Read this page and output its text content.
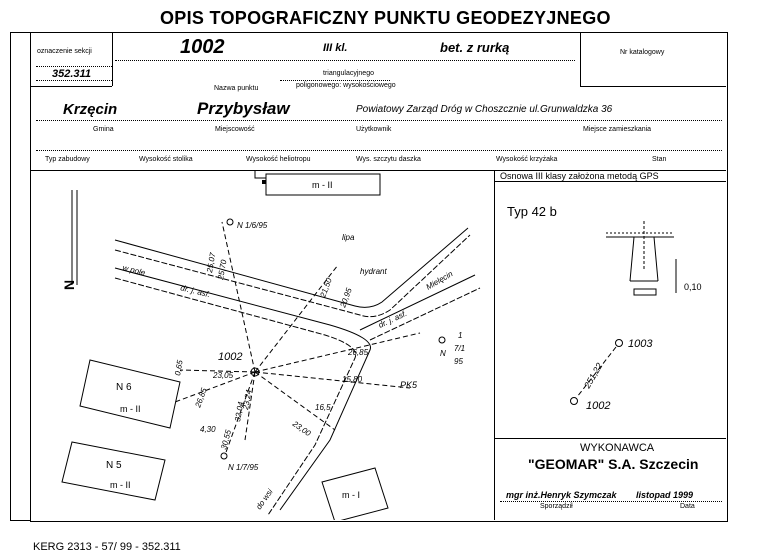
OPIS TOPOGRAFICZNY PUNKTU GEODEZYJNEGO
oznaczenie sekcji
352.311
1002	III kl.	bet. z rurką	Nr katalogowy
triangulacyjnego
Nazwa punktu	poligonowego: wysokościowego
Krzęcin	Przybysław	Powiatowy Zarząd Dróg w Choszcznie ul.Grunwaldzka 36
Gmina	Miejscowość	Użytkownik	Miejsce zamieszkania
Typ zabudowy	Wysokość stolika	Wysokość heliotropu	Wys. szczytu daszka	Wysokość krzyżaka	Stan
Osnowa III klasy założona metodą GPS
Typ 42 b
0,10
1003
1002
251,22
WYKONAWCA
"GEOMAR" S.A. Szczecin
mgr inż.Henryk Szymczak listopad 1999
Sporządził	Data
KERG 2313 - 57/ 99 - 352.311
N
m - II
N 6
m - II
N 5
m - II
m - I
1002
N 1/6/95
N 1/7/95
N
1
7/1
95
lipa
hydrant
dr. j. asf.
dr. j. asf.
w pole	Mielęcin
do wsi
PK5
25,70
25,07
21,50 20,95
26,85
15,80
16,5
23,05
26,85
4,30 30,55
23,00
32,04
23,24
0,65
